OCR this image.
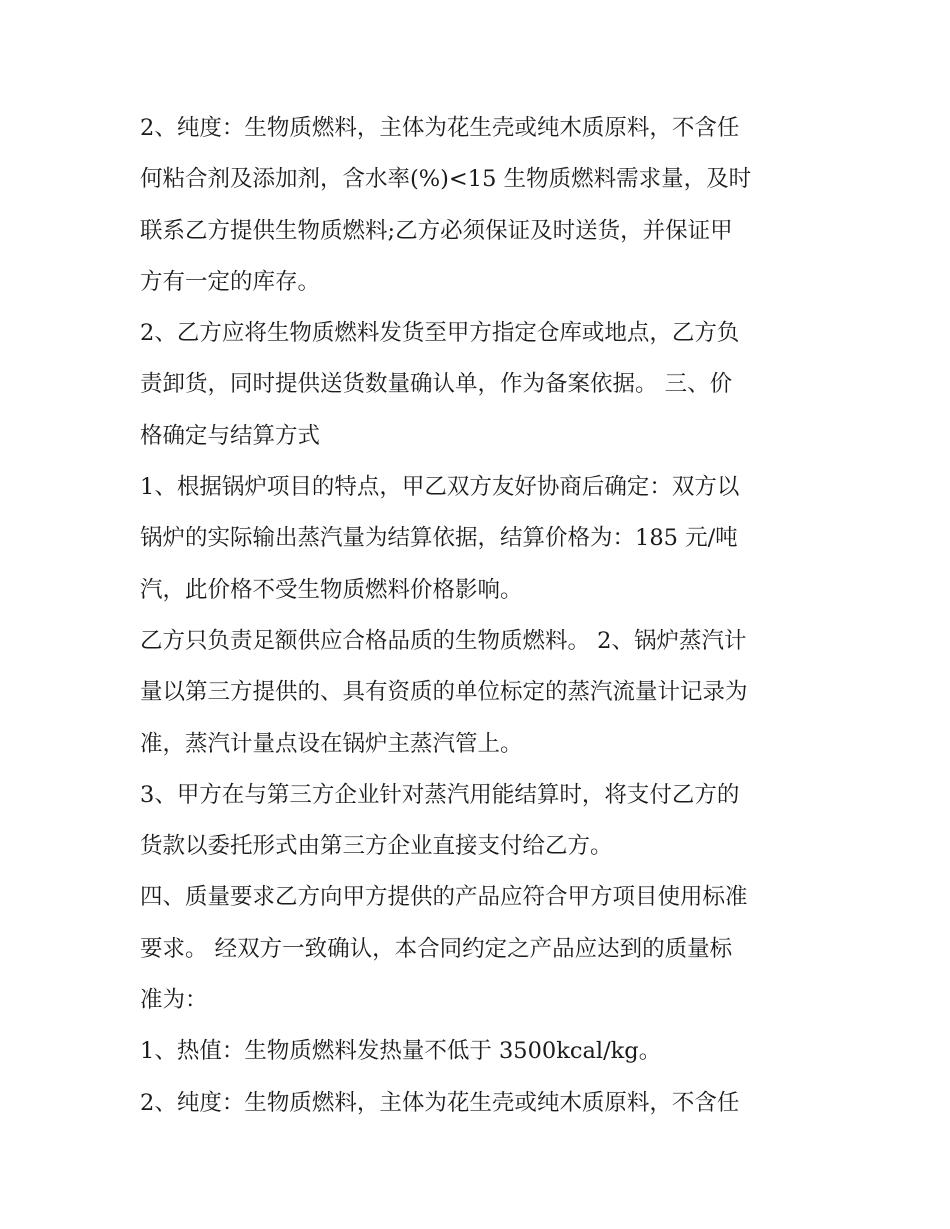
2、纯度：生物质燃料，主体为花生壳或纯木质原料，不含任
何粘合剂及添加剂，含水率(%)<15 生物质燃料需求量，及时
联系乙方提供生物质燃料;乙方必须保证及时送货，并保证甲
方有一定的库存。
2、乙方应将生物质燃料发货至甲方指定仓库或地点，乙方负
责卸货，同时提供送货数量确认单，作为备案依据。 三、价
格确定与结算方式
1、根据锅炉项目的特点，甲乙双方友好协商后确定：双方以
锅炉的实际输出蒸汽量为结算依据，结算价格为：185 元/吨
汽，此价格不受生物质燃料价格影响。
乙方只负责足额供应合格品质的生物质燃料。 2、锅炉蒸汽计
量以第三方提供的、具有资质的单位标定的蒸汽流量计记录为
准，蒸汽计量点设在锅炉主蒸汽管上。
3、甲方在与第三方企业针对蒸汽用能结算时，将支付乙方的
货款以委托形式由第三方企业直接支付给乙方。
四、质量要求乙方向甲方提供的产品应符合甲方项目使用标准
要求。 经双方一致确认，本合同约定之产品应达到的质量标
准为：
1、热值：生物质燃料发热量不低于 3500kcal/kg。
2、纯度：生物质燃料，主体为花生壳或纯木质原料，不含任
